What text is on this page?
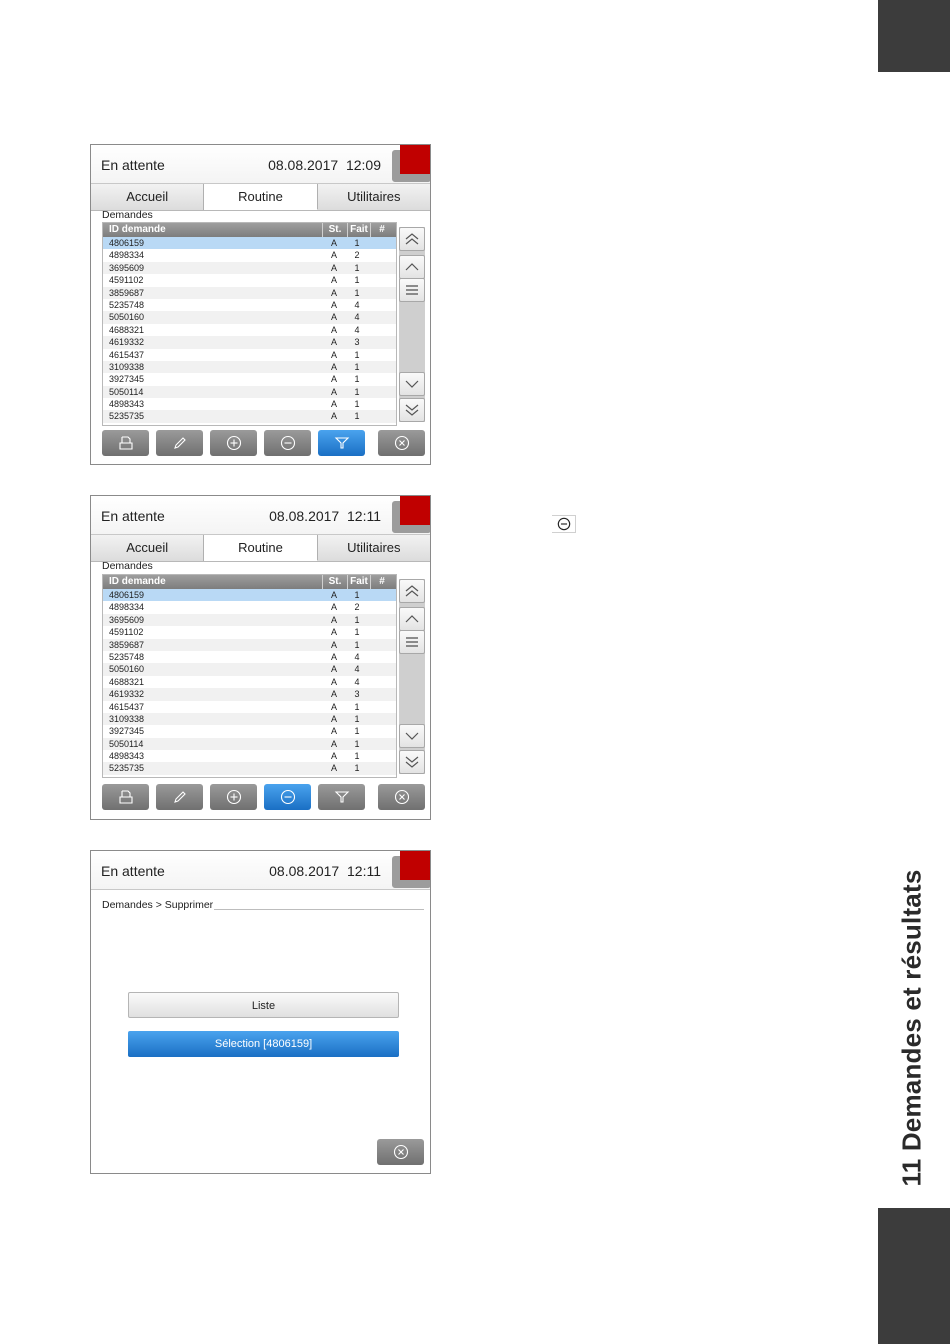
11 Demandes et résultats
En attente	08.08.2017 12:09
Accueil	Routine	Utilitaires
Demandes
ID demande	St. Fait	#
4806159	A	1
4898334	A	2
3695609	A	1
4591102	A	1
3859687	A	1
5235748	A	4
5050160	A	4
4688321	A	4
4619332	A	3
4615437	A	1
3109338	A	1
3927345	A	1
5050114	A	1
4898343	A	1
5235735	A	1
En attente	08.08.2017 12:11
Accueil	Routine	Utilitaires
Demandes
ID demande	St. Fait	#
4806159	A	1
4898334	A	2
3695609	A	1
4591102	A	1
3859687	A	1
5235748	A	4
5050160	A	4
4688321	A	4
4619332	A	3
4615437	A	1
3109338	A	1
3927345	A	1
5050114	A	1
4898343	A	1
5235735	A	1
En attente	08.08.2017 12:11
Demandes > Supprimer
Liste
Sélection [4806159]
